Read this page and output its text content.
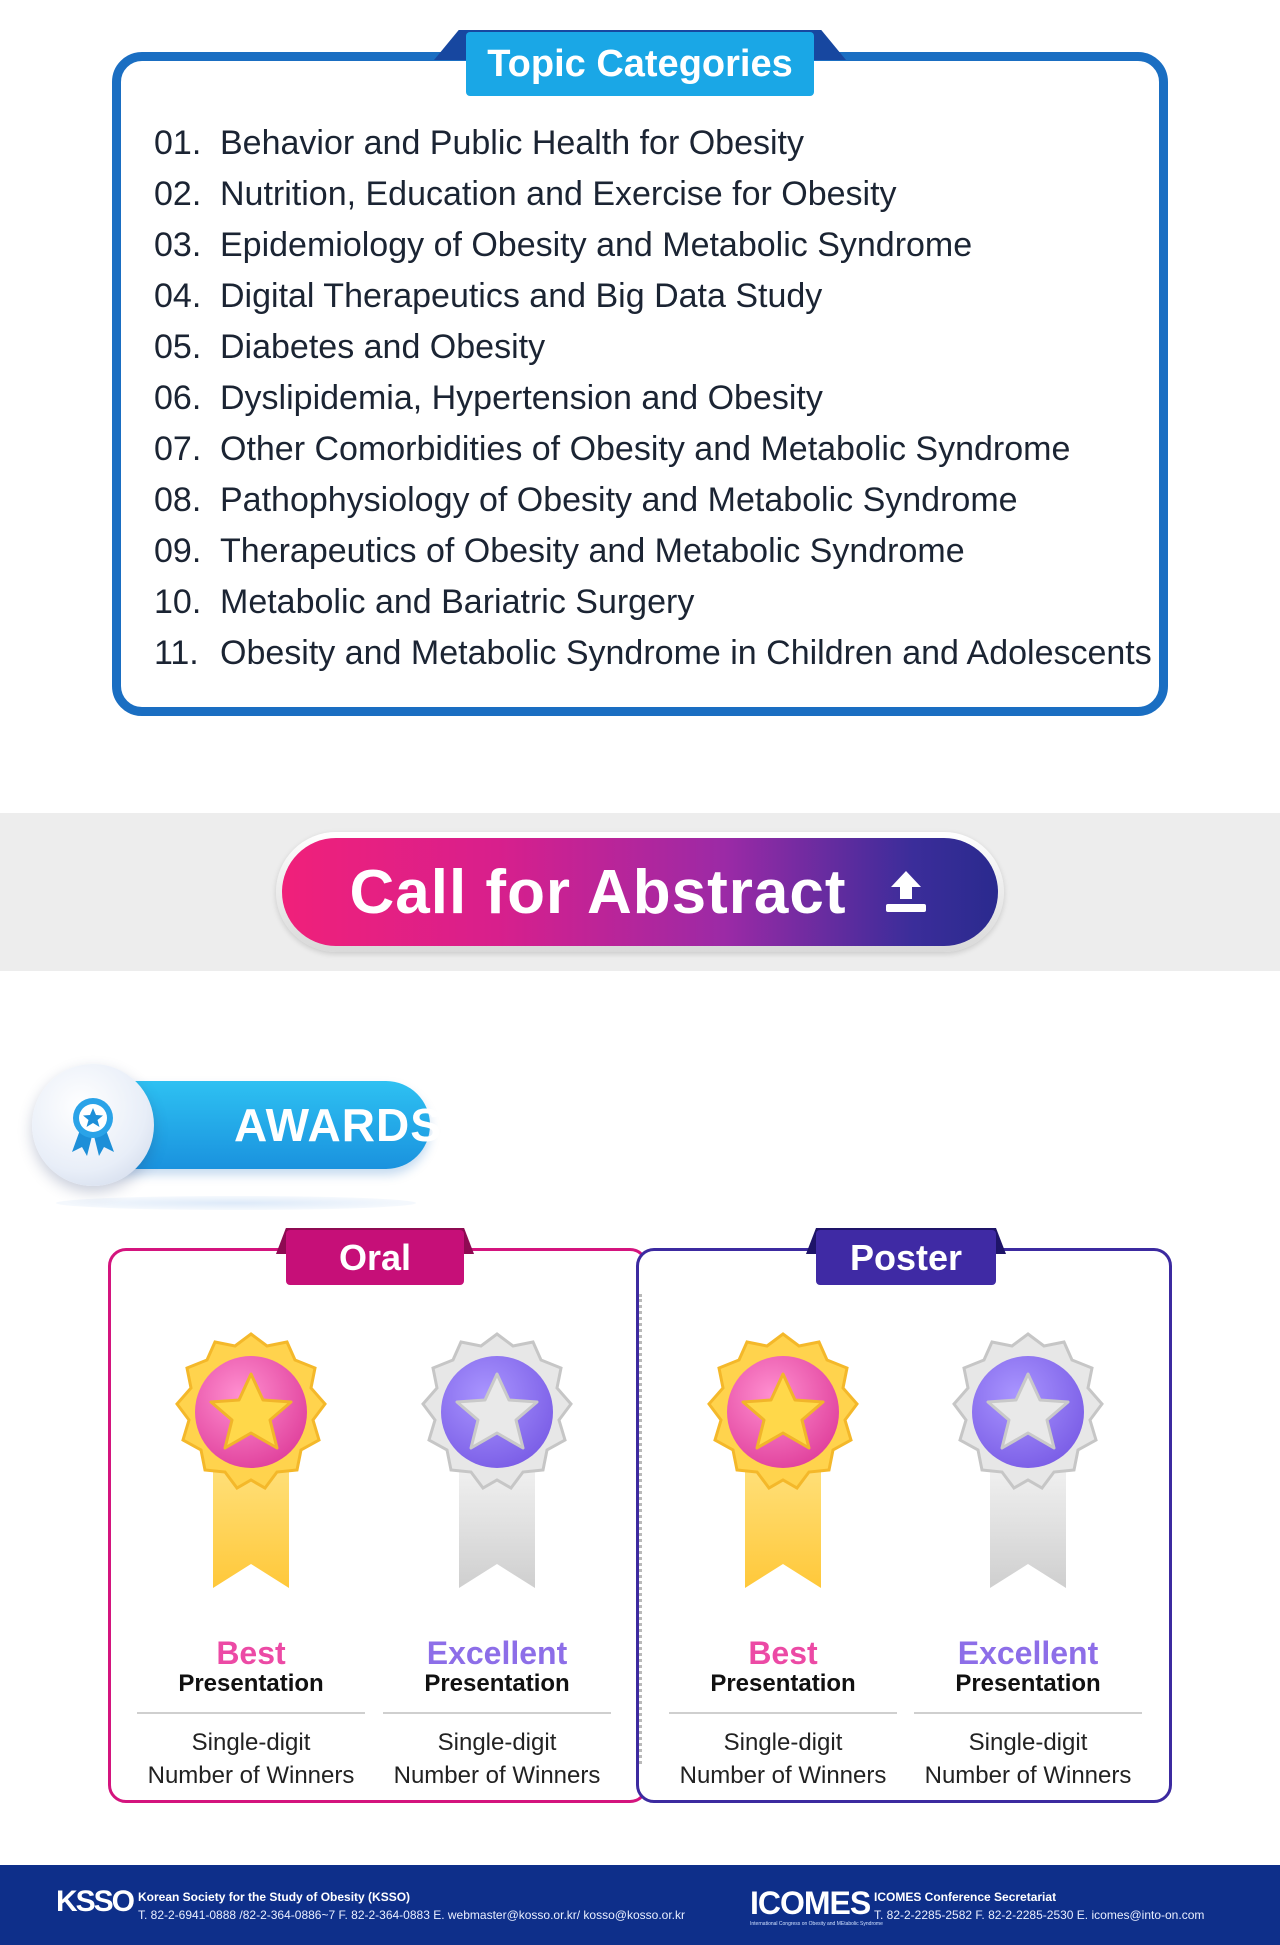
Topic Categories
01. Behavior and Public Health for Obesity
02. Nutrition, Education and Exercise for Obesity
03. Epidemiology of Obesity and Metabolic Syndrome
04. Digital Therapeutics and Big Data Study
05. Diabetes and Obesity
06. Dyslipidemia, Hypertension and Obesity
07. Other Comorbidities of Obesity and Metabolic Syndrome
08. Pathophysiology of Obesity and Metabolic Syndrome
09. Therapeutics of Obesity and Metabolic Syndrome
10. Metabolic and Bariatric Surgery
11. Obesity and Metabolic Syndrome in Children and Adolescents
Call for Abstract
AWARDS
Oral	Poster
Best
Presentation
Single-digit
Number of Winners
Excellent
Presentation
Single-digit
Number of Winners
Best
Presentation
Single-digit
Number of Winners
Excellent
Presentation
Single-digit
Number of Winners
KSSO Korean Society for the Study of Obesity (KSSO)
T. 82-2-6941-0888 /82-2-364-0886~7 F. 82-2-364-0883 E. webmaster@kosso.or.kr/ kosso@kosso.or.kr ICOMES
International Congress on Obesity and MEtabolic Syndrome
ICOMES Conference Secretariat
T. 82-2-2285-2582 F. 82-2-2285-2530 E. icomes@into-on.com
